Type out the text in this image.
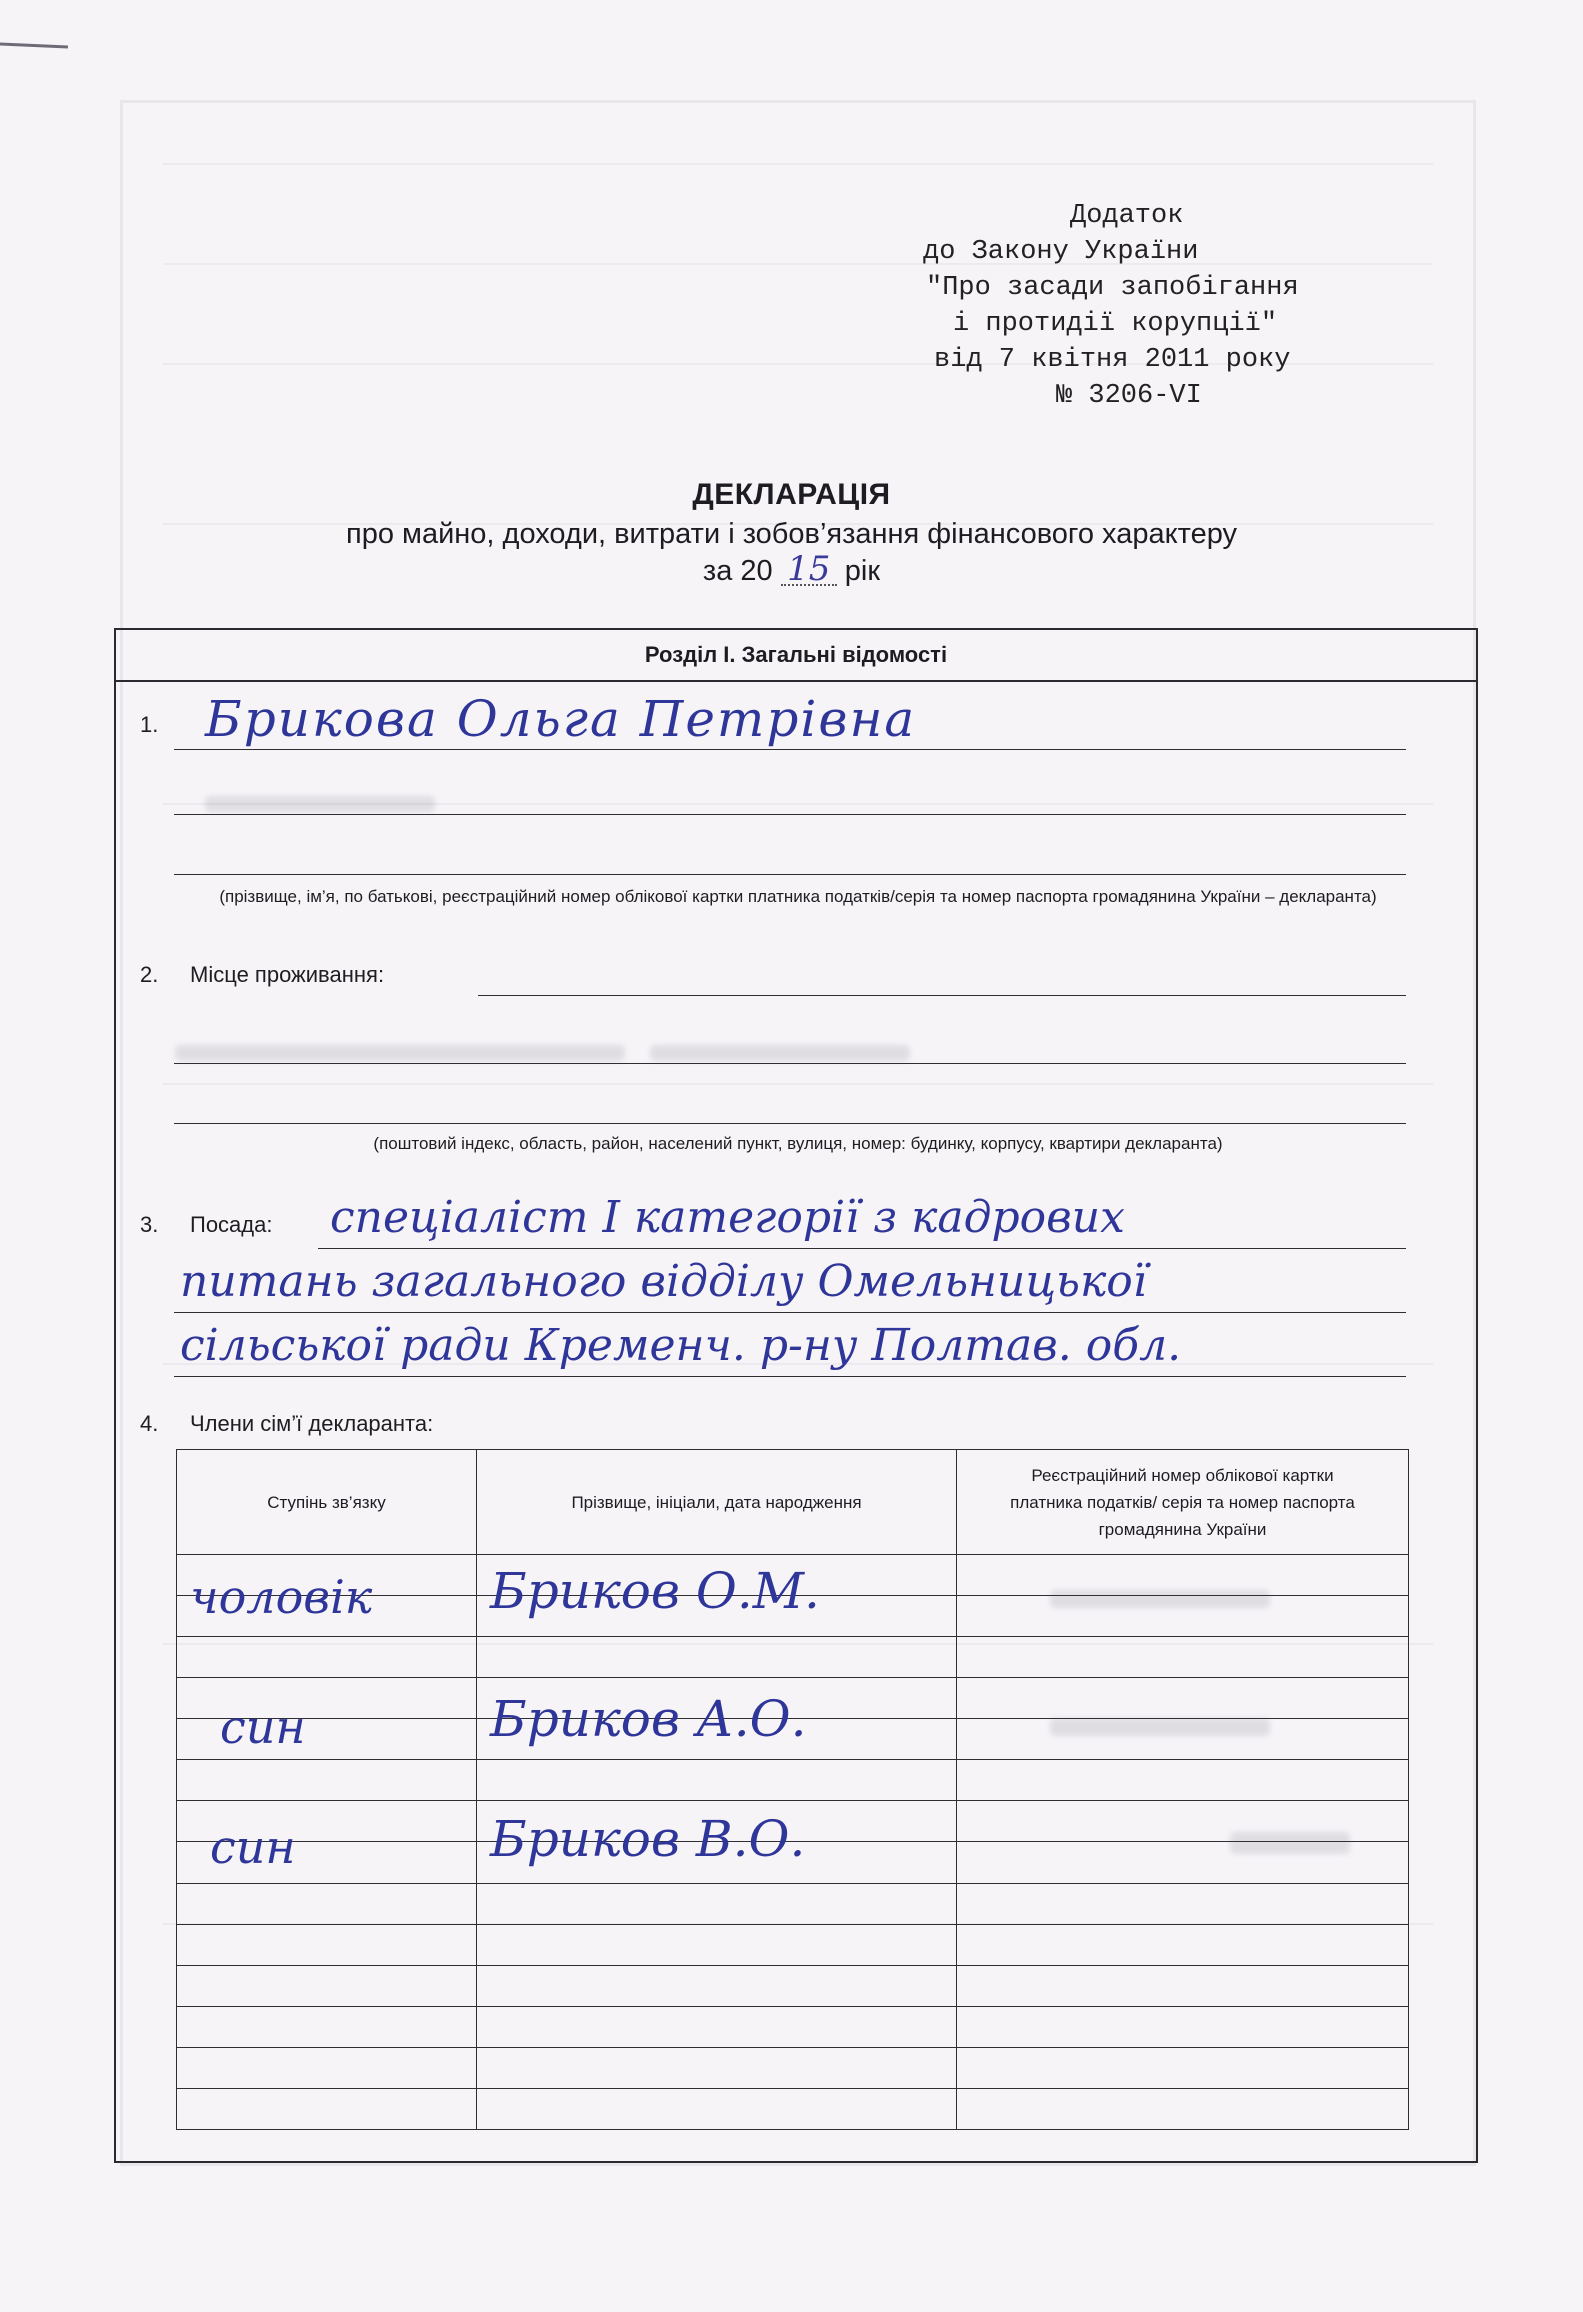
Додаток
до Закону України
"Про засади запобігання
і протидії корупції"
від 7 квітня 2011 року
№ 3206-VI
ДЕКЛАРАЦІЯ
про майно, доходи, витрати і зобов’язання фінансового характеру
за 20 15 рік
Розділ І. Загальні відомості
1. Брикова Ольга Петрівна
(прізвище, ім’я, по батькові, реєстраційний номер облікової картки платника податків/серія та номер паспорта громадянина України – декларанта)
2. Місце проживання:
(поштовий індекс, область, район, населений пункт, вулиця, номер: будинку, корпусу, квартири декларанта)
3. Посада: спеціаліст І категорії з кадрових
питань загального відділу Омельницької
сільської ради Кременч. р-ну Полтав. обл.
4. Члени сім’ї декларанта:
Ступінь зв’язку	Прізвище, ініціали, дата народження	Реєстраційний номер облікової картки платника податків/ серія та номер паспорта громадянина України

чоловік Бриков О.М.
син	Бриков А.О.
син	Бриков В.О.
